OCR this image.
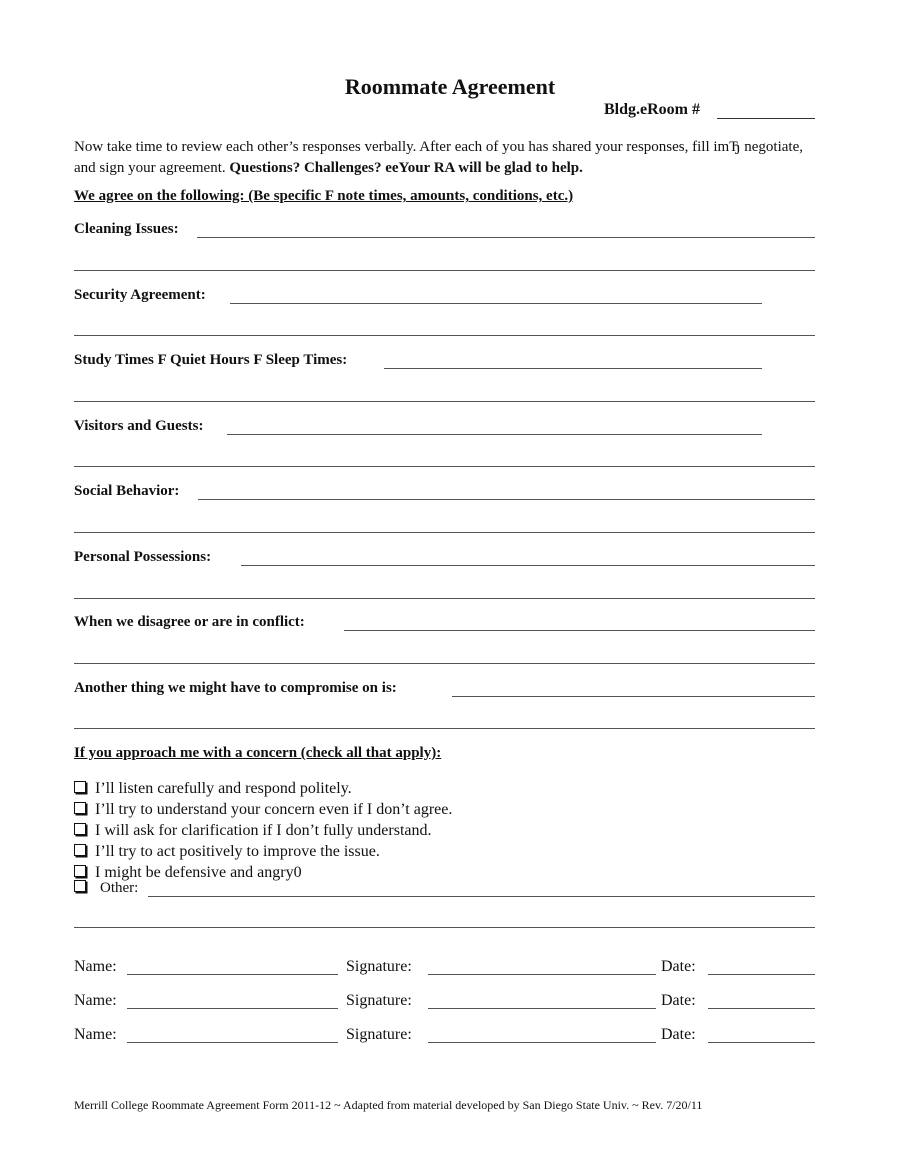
Roommate Agreement
Bldg.eRoom #
Now take time to review each other’s responses verbally. After each of you has shared your responses, fill imЂ negotiate, and sign your agreement. Questions? Challenges? eeYour RA will be glad to help.
We agree on the following: (Be specific F note times, amounts, conditions, etc.)
Cleaning Issues:
Security Agreement:
Study Times F Quiet Hours F Sleep Times:
Visitors and Guests:
Social Behavior:
Personal Possessions:
When we disagree or are in conflict:
Another thing we might have to compromise on is:
If you approach me with a concern (check all that apply):
I’ll listen carefully and respond politely.
I’ll try to understand your concern even if I don’t agree.
I will ask for clarification if I don’t fully understand.
I’ll try to act positively to improve the issue.
I might be defensive and angry0
Other:
Name:	Signature:	Date:
Name:	Signature:	Date:
Name:	Signature:	Date:
Merrill College Roommate Agreement Form 2011-12 ~ Adapted from material developed by San Diego State Univ. ~ Rev. 7/20/11
